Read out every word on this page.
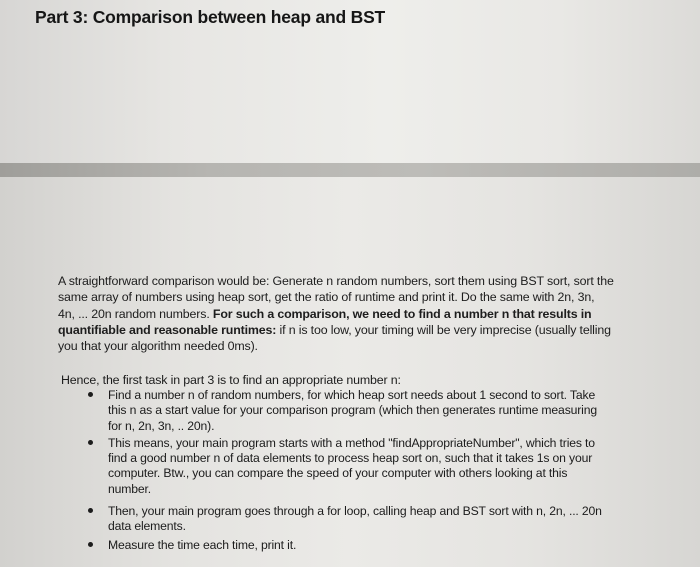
Part 3: Comparison between heap and BST
A straightforward comparison would be: Generate n random numbers, sort them using BST sort, sort the
same array of numbers using heap sort, get the ratio of runtime and print it. Do the same with 2n, 3n,
4n, ... 20n random numbers. For such a comparison, we need to find a number n that results in
quantifiable and reasonable runtimes: if n is too low, your timing will be very imprecise (usually telling
you that your algorithm needed 0ms).
Hence, the first task in part 3 is to find an appropriate number n:
Find a number n of random numbers, for which heap sort needs about 1 second to sort. Take
this n as a start value for your comparison program (which then generates runtime measuring
for n, 2n, 3n, .. 20n).
This means, your main program starts with a method "findAppropriateNumber", which tries to
find a good number n of data elements to process heap sort on, such that it takes 1s on your
computer. Btw., you can compare the speed of your computer with others looking at this
number.
Then, your main program goes through a for loop, calling heap and BST sort with n, 2n, ... 20n
data elements.
Measure the time each time, print it.
